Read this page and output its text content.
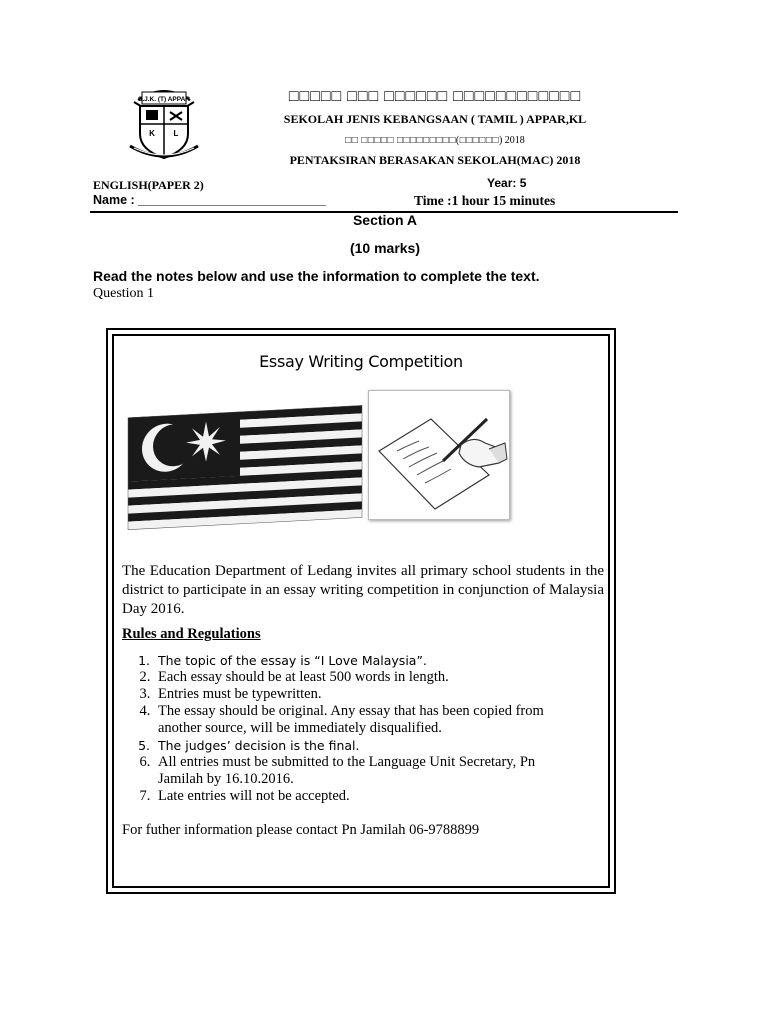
S.J.K. (T) APPAR
K L
□□□□□ □□□ □□□□□□ □□□□□□□□□□□□
SEKOLAH JENIS KEBANGSAAN ( TAMIL ) APPAR,KL
□□ □□□□□ □□□□□□□□□(□□□□□□) 2018
PENTAKSIRAN BERASAKAN SEKOLAH(MAC) 2018
ENGLISH(PAPER 2)	Year: 5
Name : ___________________________	Time :1 hour 15 minutes
Section A
(10 marks)
Read the notes below and use the information to complete the text.
Question 1
Essay Writing Competition
The Education Department of Ledang invites all primary school students in the district to participate in an essay writing competition in conjunction of Malaysia Day 2016.
Rules and Regulations
1. The topic of the essay is “I Love Malaysia”.
2. Each essay should be at least 500 words in length.
3. Entries must be typewritten.
4. The essay should be original. Any essay that has been copied from another source, will be immediately disqualified.
5. The judges’ decision is the final.
6. All entries must be submitted to the Language Unit Secretary, Pn Jamilah by 16.10.2016.
7. Late entries will not be accepted.
For futher information please contact Pn Jamilah 06-9788899
